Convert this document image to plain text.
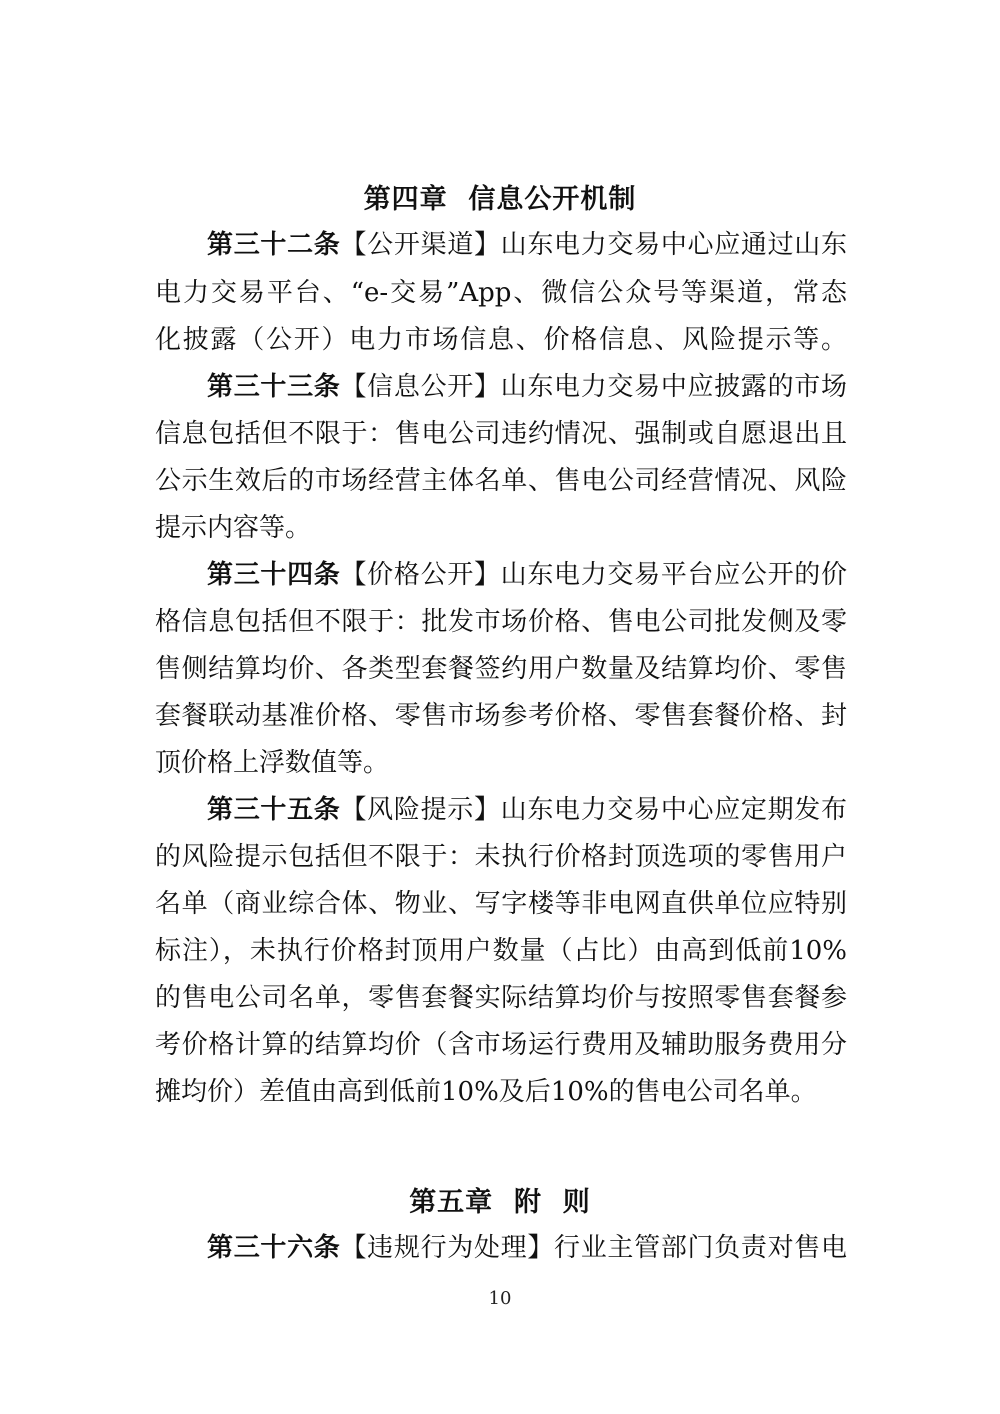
第四章  信息公开机制

第三十二条【公开渠道】山东电力交易中心应通过山东

电力交易平台、“e-交易”App、微信公众号等渠道，常态

化披露（公开）电力市场信息、价格信息、风险提示等。

第三十三条【信息公开】山东电力交易中应披露的市场

信息包括但不限于：售电公司违约情况、强制或自愿退出且

公示生效后的市场经营主体名单、售电公司经营情况、风险

提示内容等。

第三十四条【价格公开】山东电力交易平台应公开的价

格信息包括但不限于：批发市场价格、售电公司批发侧及零

售侧结算均价、各类型套餐签约用户数量及结算均价、零售

套餐联动基准价格、零售市场参考价格、零售套餐价格、封

顶价格上浮数值等。

第三十五条【风险提示】山东电力交易中心应定期发布

的风险提示包括但不限于：未执行价格封顶选项的零售用户

名单（商业综合体、物业、写字楼等非电网直供单位应特别

标注），未执行价格封顶用户数量（占比）由高到低前10%

的售电公司名单，零售套餐实际结算均价与按照零售套餐参

考价格计算的结算均价（含市场运行费用及辅助服务费用分

摊均价）差值由高到低前10%及后10%的售电公司名单。

第五章  附  则

第三十六条【违规行为处理】行业主管部门负责对售电

10
